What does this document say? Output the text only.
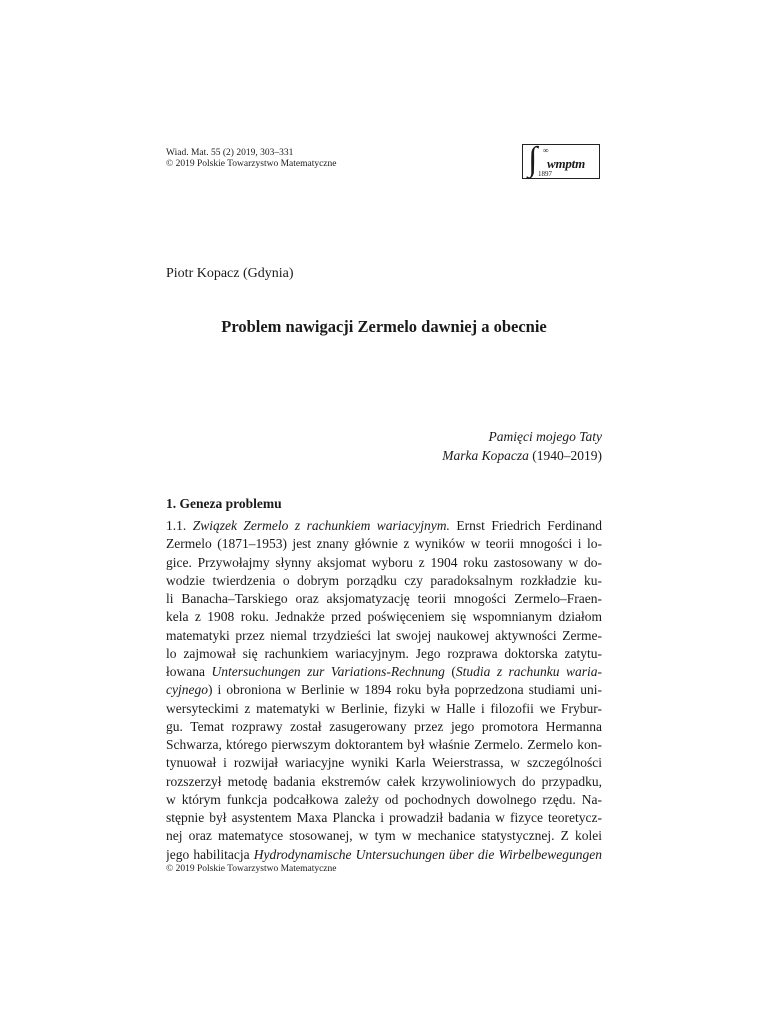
Wiad. Mat. 55 (2) 2019, 303–331
© 2019 Polskie Towarzystwo Matematyczne	∫ ∞
wmptm
1897
Piotr Kopacz (Gdynia)
Problem nawigacji Zermelo dawniej a obecnie
Pamięci mojego Taty
Marka Kopacza (1940–2019)
1. Geneza problemu
1.1. Związek Zermelo z rachunkiem wariacyjnym. Ernst Friedrich Ferdinand
Zermelo (1871–1953) jest znany głównie z wyników w teorii mnogości i lo-
gice. Przywołajmy słynny aksjomat wyboru z 1904 roku zastosowany w do-
wodzie twierdzenia o dobrym porządku czy paradoksalnym rozkładzie ku-
li Banacha–Tarskiego oraz aksjomatyzację teorii mnogości Zermelo–Fraen-
kela z 1908 roku. Jednakże przed poświęceniem się wspomnianym działom
matematyki przez niemal trzydzieści lat swojej naukowej aktywności Zerme-
lo zajmował się rachunkiem wariacyjnym. Jego rozprawa doktorska zatytu-
łowana Untersuchungen zur Variations-Rechnung (Studia z rachunku waria-
cyjnego) i obroniona w Berlinie w 1894 roku była poprzedzona studiami uni-
wersyteckimi z matematyki w Berlinie, fizyki w Halle i filozofii we Frybur-
gu. Temat rozprawy został zasugerowany przez jego promotora Hermanna
Schwarza, którego pierwszym doktorantem był właśnie Zermelo. Zermelo kon-
tynuował i rozwijał wariacyjne wyniki Karla Weierstrassa, w szczególności
rozszerzył metodę badania ekstremów całek krzywoliniowych do przypadku,
w którym funkcja podcałkowa zależy od pochodnych dowolnego rzędu. Na-
stępnie był asystentem Maxa Plancka i prowadził badania w fizyce teoretycz-
nej oraz matematyce stosowanej, w tym w mechanice statystycznej. Z kolei
jego habilitacja Hydrodynamische Untersuchungen über die Wirbelbewegungen
© 2019 Polskie Towarzystwo Matematyczne
